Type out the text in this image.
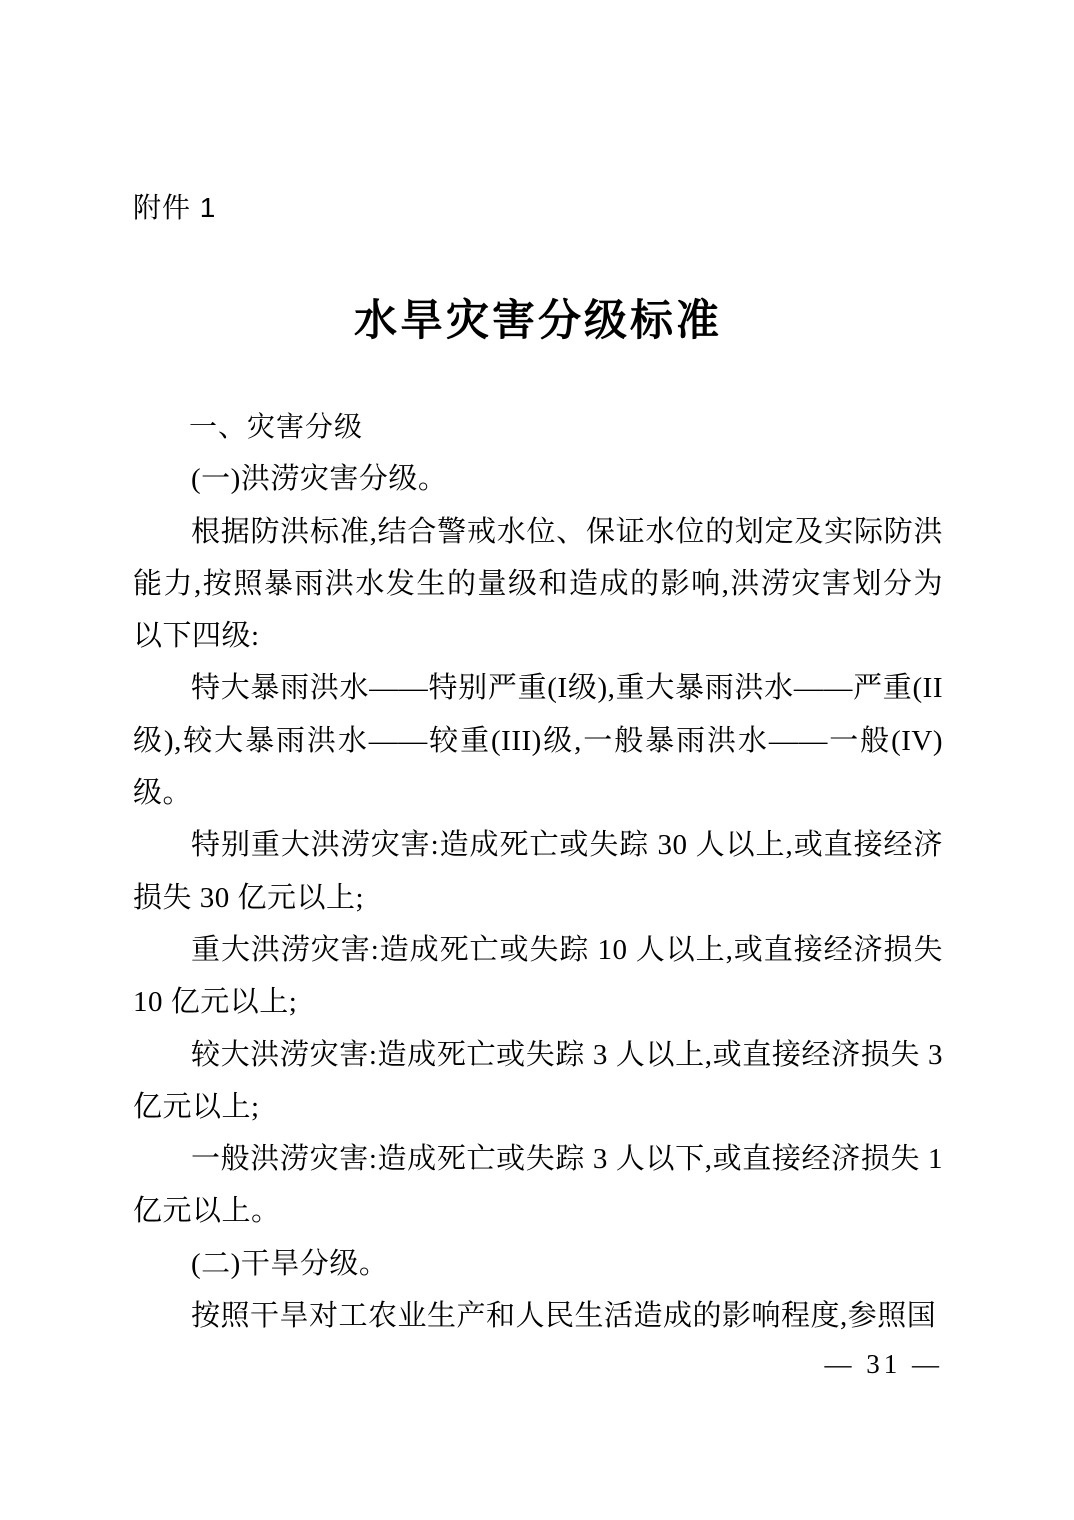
附件 1
水旱灾害分级标准

一、灾害分级

(一)洪涝灾害分级。

根据防洪标准,结合警戒水位、保证水位的划定及实际防洪能力,按照暴雨洪水发生的量级和造成的影响,洪涝灾害划分为以下四级:

特大暴雨洪水——特别严重(I级),重大暴雨洪水——严重(II级),较大暴雨洪水——较重(III)级,一般暴雨洪水——一般(IV)级。

特别重大洪涝灾害:造成死亡或失踪 30 人以上,或直接经济损失 30 亿元以上;

重大洪涝灾害:造成死亡或失踪 10 人以上,或直接经济损失 10 亿元以上;

较大洪涝灾害:造成死亡或失踪 3 人以上,或直接经济损失 3 亿元以上;

一般洪涝灾害:造成死亡或失踪 3 人以下,或直接经济损失 1 亿元以上。

(二)干旱分级。

按照干旱对工农业生产和人民生活造成的影响程度,参照国

— 31 —
